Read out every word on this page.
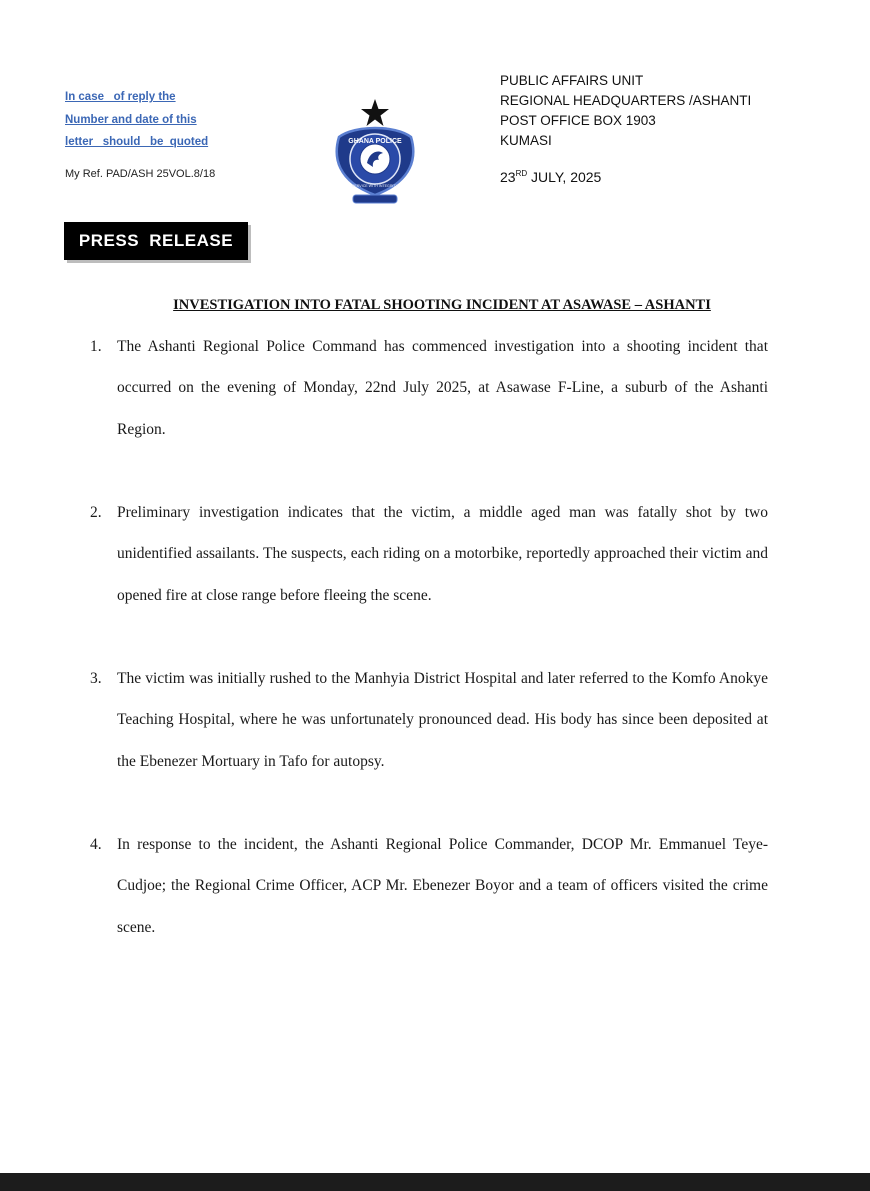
In case   of reply the
Number and date of this
letter   should   be  quoted
My Ref. PAD/ASH 25VOL.8/18
GHANA POLICE
SERVICE WITH INTEGRITY
PUBLIC AFFAIRS UNIT
REGIONAL HEADQUARTERS /ASHANTI
POST OFFICE BOX 1903
KUMASI
23RD JULY, 2025
PRESS RELEASE
INVESTIGATION INTO FATAL SHOOTING INCIDENT AT ASAWASE – ASHANTI
1. The Ashanti Regional Police Command has commenced investigation into a shooting incident that occurred on the evening of Monday, 22nd July 2025, at Asawase F-Line, a suburb of the Ashanti Region.
2. Preliminary investigation indicates that the victim, a middle aged man was fatally shot by two unidentified assailants. The suspects, each riding on a motorbike, reportedly approached their victim and opened fire at close range before fleeing the scene.
3. The victim was initially rushed to the Manhyia District Hospital and later referred to the Komfo Anokye Teaching Hospital, where he was unfortunately pronounced dead. His body has since been deposited at the Ebenezer Mortuary in Tafo for autopsy.
4. In response to the incident, the Ashanti Regional Police Commander, DCOP Mr. Emmanuel Teye-Cudjoe; the Regional Crime Officer, ACP Mr. Ebenezer Boyor and a team of officers visited the crime scene.
